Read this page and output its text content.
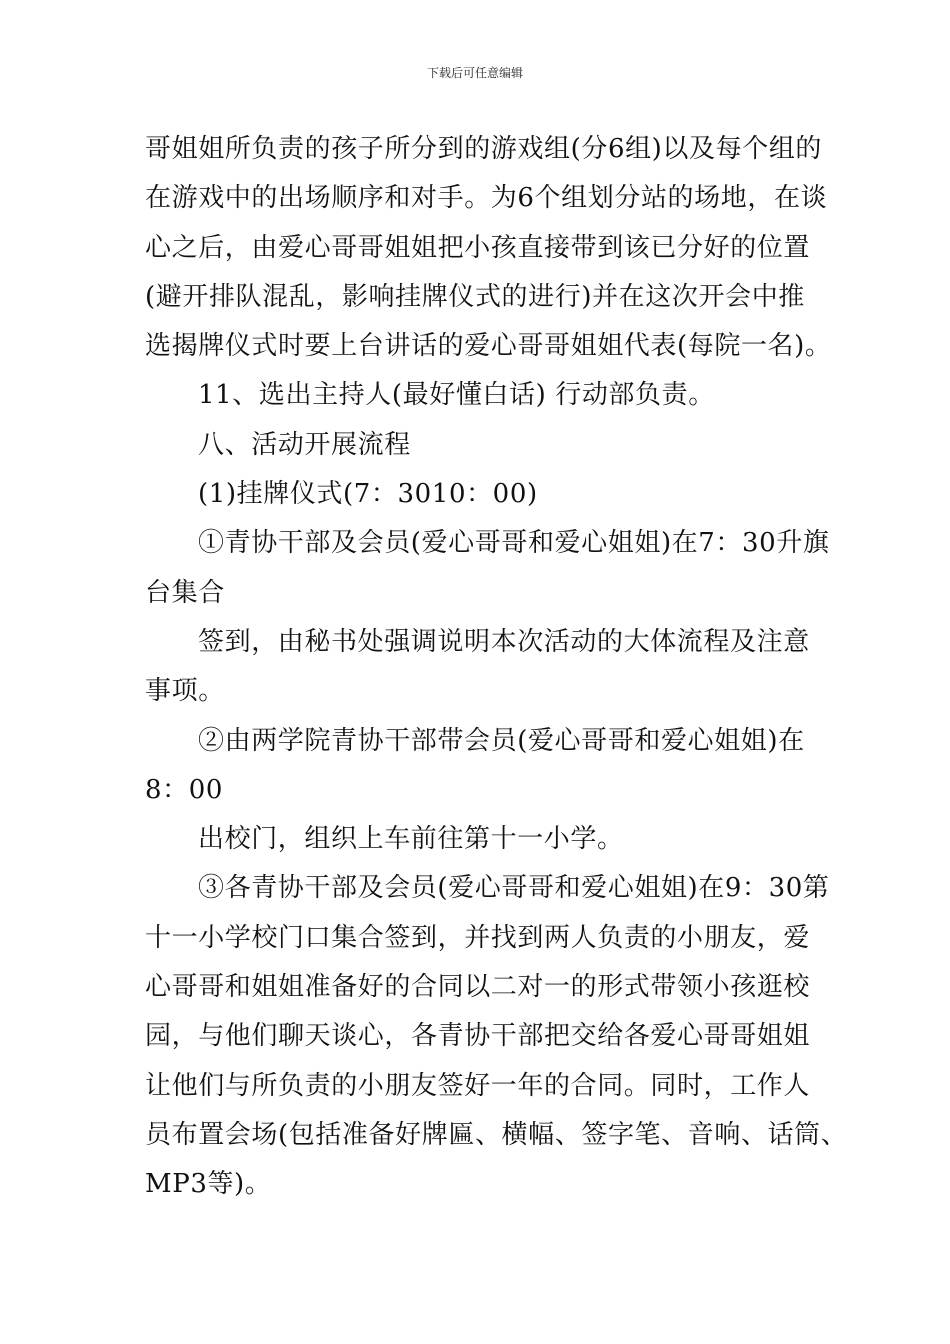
下载后可任意编辑
哥姐姐所负责的孩子所分到的游戏组(分6组)以及每个组的
在游戏中的出场顺序和对手。为6个组划分站的场地，在谈
心之后，由爱心哥哥姐姐把小孩直接带到该已分好的位置
(避开排队混乱，影响挂牌仪式的进行)并在这次开会中推
选揭牌仪式时要上台讲话的爱心哥哥姐姐代表(每院一名)。
11、选出主持人(最好懂白话) 行动部负责。
八、活动开展流程
(1)挂牌仪式(7：3010：00)
①青协干部及会员(爱心哥哥和爱心姐姐)在7：30升旗
台集合
签到，由秘书处强调说明本次活动的大体流程及注意
事项。
②由两学院青协干部带会员(爱心哥哥和爱心姐姐)在
8：00
出校门，组织上车前往第十一小学。
③各青协干部及会员(爱心哥哥和爱心姐姐)在9：30第
十一小学校门口集合签到，并找到两人负责的小朋友，爱
心哥哥和姐姐准备好的合同以二对一的形式带领小孩逛校
园，与他们聊天谈心，各青协干部把交给各爱心哥哥姐姐
让他们与所负责的小朋友签好一年的合同。同时，工作人
员布置会场(包括准备好牌匾、横幅、签字笔、音响、话筒、
MP3等)。
